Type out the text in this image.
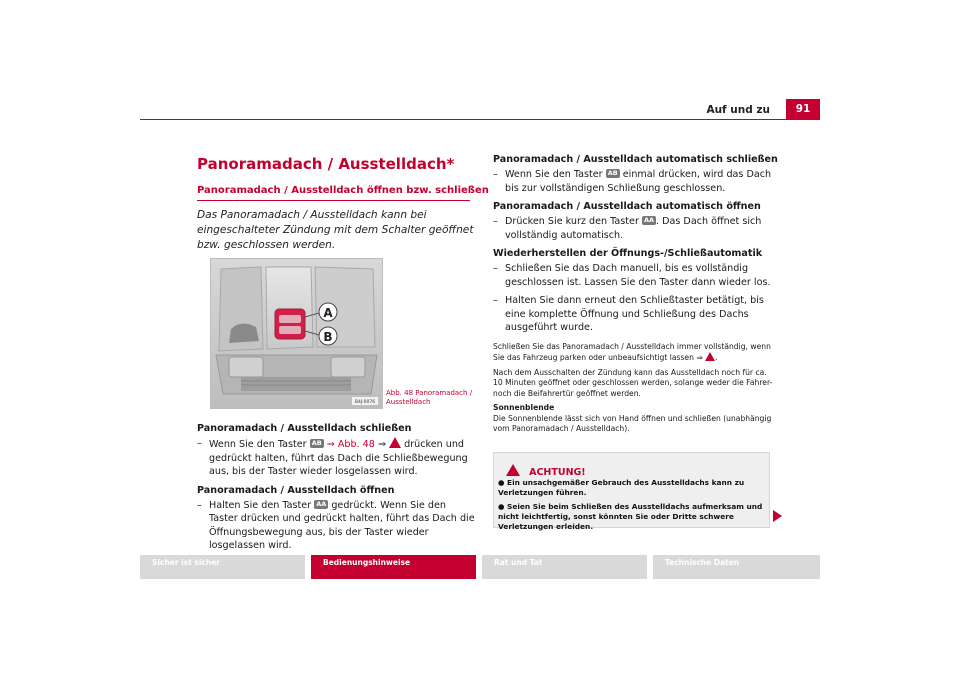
Auf und zu	91
Panoramadach / Ausstelldach*
Panoramadach / Ausstelldach öffnen bzw. schließen
Das Panoramadach / Ausstelldach kann bei eingeschalteter Zündung mit dem Schalter geöffnet bzw. geschlossen werden.
A
B
B4J-0076
Abb. 48 Panoramadach / Ausstelldach
Panoramadach / Ausstelldach schließen
– Wenn Sie den Taster AB ⇒ Abb. 48 ⇒ drücken und gedrückt halten, führt das Dach die Schließbewegung aus, bis der Taster wieder losgelassen wird.
Panoramadach / Ausstelldach öffnen
– Halten Sie den Taster AA gedrückt. Wenn Sie den Taster drücken und gedrückt halten, führt das Dach die Öffnungsbewegung aus, bis der Taster wieder losgelassen wird.
Panoramadach / Ausstelldach automatisch schließen
– Wenn Sie den Taster AB einmal drücken, wird das Dach bis zur vollständigen Schließung geschlossen.
Panoramadach / Ausstelldach automatisch öffnen
– Drücken Sie kurz den Taster AA . Das Dach öffnet sich vollständig automatisch.
Wiederherstellen der Öffnungs-/Schließautomatik
– Schließen Sie das Dach manuell, bis es vollständig geschlossen ist. Lassen Sie den Taster dann wieder los.
– Halten Sie dann erneut den Schließtaster betätigt, bis eine komplette Öffnung und Schließung des Dachs ausgeführt wurde.
Schließen Sie das Panoramadach / Ausstelldach immer vollständig, wenn Sie das Fahrzeug parken oder unbeaufsichtigt lassen ⇒ .
Nach dem Ausschalten der Zündung kann das Ausstelldach noch für ca. 10 Minuten geöffnet oder geschlossen werden, solange weder die Fahrer- noch die Beifahrertür geöffnet werden.
Sonnenblende
Die Sonnenblende lässt sich von Hand öffnen und schließen (unabhängig vom Panoramadach / Ausstelldach).
ACHTUNG!
● Ein unsachgemäßer Gebrauch des Ausstelldachs kann zu Verletzungen führen.
● Seien Sie beim Schließen des Ausstelldachs aufmerksam und nicht leichtfertig, sonst könnten Sie oder Dritte schwere Verletzungen erleiden.
Sicher ist sicher	Bedienungshinweise	Rat und Tat	Technische Daten
